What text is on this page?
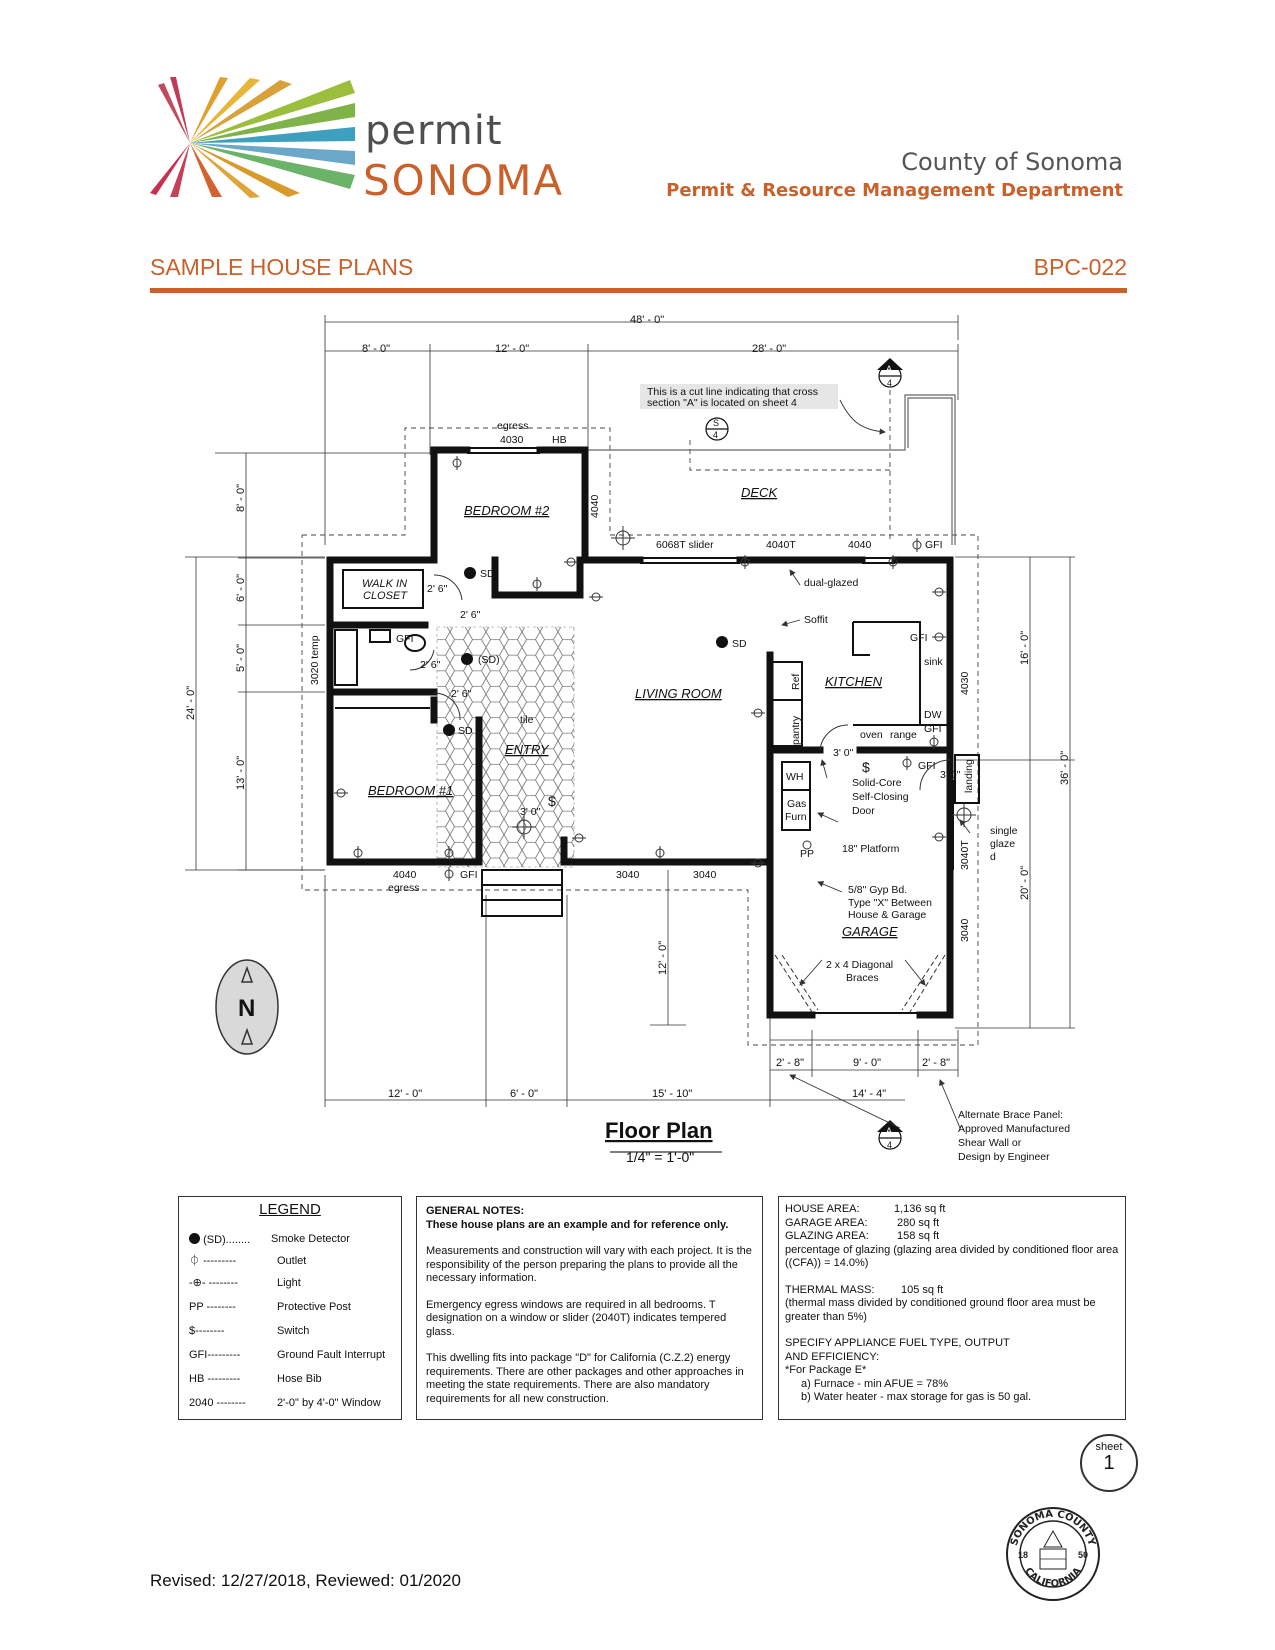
permit
SONOMA	County of Sonoma
Permit & Resource Management Department
SAMPLE HOUSE PLANS	BPC-022
48' - 0"
8' - 0"	12' - 0"	28' - 0"
8' - 0"
6' - 0"
5' - 0"
13' - 0"
24' - 0"
16' - 0"
20' - 0"
36' - 0"
12' - 0"	6' - 0"	15' - 10"	14' - 4"
2' - 8"	9' - 0"	2' - 8"
12' - 0"
BEDROOM #2
BEDROOM #1
LIVING ROOM
KITCHEN
GARAGE
DECK
ENTRY
WALK IN
CLOSET
egress
4030	HB
4040
6068T slider	4040T	4040	GFI
dual-glazed
Soffit
GFI
sink
DW
GFI
oven range
Ref
pantry
4030
3020 temp
SD
(SD)
SD
SD
GFI
2' 6"
2' 6"
2' 6"
2' 6"
3' 0"
3' 0"
3' 0"
tile
$
$	GFI
4040	GFI
egress
3040	3040
WH
Gas
Furn
PP	18" Platform
Solid-Core
Self-Closing
Door
landing
single
glaze
d
3040T
3040
5/8" Gyp Bd.
Type "X" Between
House & Garage
2 x 4 Diagonal
Braces
This is a cut line indicating that cross
section "A" is located on sheet 4
A
4
S
4
A
4
Alternate Brace Panel:
Approved Manufactured
Shear Wall or
Design by Engineer
N
Floor Plan
1/4" = 1'-0"
LEGEND
(SD)........ Smoke Detector
⏀ ---------	Outlet
-⊕- --------	Light
PP --------	Protective Post
$--------	Switch
GFI---------	Ground Fault Interrupt
HB ---------	Hose Bib
2040 --------	2'-0" by 4'-0" Window

GENERAL NOTES:

These house plans are an example and for reference only.

Measurements and construction will vary with each project. It is the responsibility of the person preparing the plans to provide all the necessary information.

Emergency egress windows are required in all bedrooms. T designation on a window or slider (2040T) indicates tempered glass.

This dwelling fits into package "D" for California (C.Z.2) energy requirements. There are other packages and other approaches in meeting the state requirements. There are also mandatory requirements for all new construction.

HOUSE AREA:	1,136 sq ft
GARAGE AREA:	280 sq ft
GLAZING AREA:	158 sq ft
percentage of glazing (glazing area divided by conditioned floor area ((CFA)) = 14.0%)
THERMAL MASS: 105 sq ft
(thermal mass divided by conditioned ground floor area must be greater than 5%)
SPECIFY APPLIANCE FUEL TYPE, OUTPUT
AND EFFICIENCY:
*For Package E*
a) Furnace - min AFUE = 78%
b) Water heater - max storage for gas is 50 gal.
sheet
1
SONOMA COUNTY
CALIFORNIA
18	50
Revised: 12/27/2018, Reviewed: 01/2020
